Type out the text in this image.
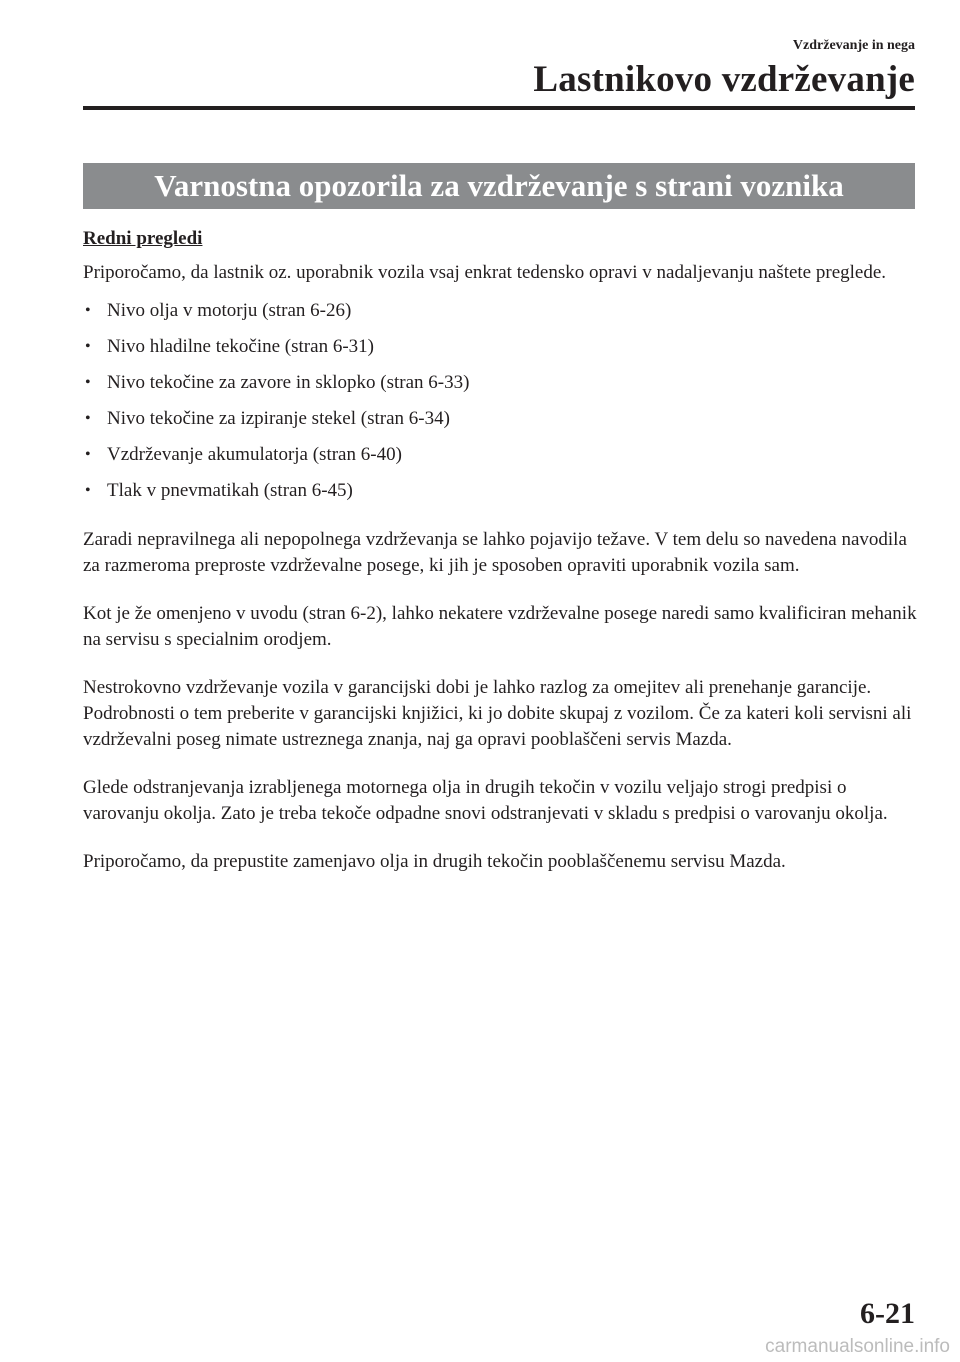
Vzdrževanje in nega
Lastnikovo vzdrževanje
Varnostna opozorila za vzdrževanje s strani voznika

Redni pregledi

Priporočamo, da lastnik oz. uporabnik vozila vsaj enkrat tedensko opravi v nadaljevanju naštete preglede.

• Nivo olja v motorju (stran 6-26)
• Nivo hladilne tekočine (stran 6-31)
• Nivo tekočine za zavore in sklopko (stran 6-33)
• Nivo tekočine za izpiranje stekel (stran 6-34)
• Vzdrževanje akumulatorja (stran 6-40)
• Tlak v pnevmatikah (stran 6-45)

Zaradi nepravilnega ali nepopolnega vzdrževanja se lahko pojavijo težave. V tem delu so navedena navodila za razmeroma preproste vzdrževalne posege, ki jih je sposoben opraviti uporabnik vozila sam.

Kot je že omenjeno v uvodu (stran 6-2), lahko nekatere vzdrževalne posege naredi samo kvalificiran mehanik na servisu s specialnim orodjem.

Nestrokovno vzdrževanje vozila v garancijski dobi je lahko razlog za omejitev ali prenehanje garancije. Podrobnosti o tem preberite v garancijski knjižici, ki jo dobite skupaj z vozilom. Če za kateri koli servisni ali vzdrževalni poseg nimate ustreznega znanja, naj ga opravi pooblaščeni servis Mazda.

Glede odstranjevanja izrabljenega motornega olja in drugih tekočin v vozilu veljajo strogi predpisi o varovanju okolja. Zato je treba tekoče odpadne snovi odstranjevati v skladu s predpisi o varovanju okolja.

Priporočamo, da prepustite zamenjavo olja in drugih tekočin pooblaščenemu servisu Mazda.

6-21
carmanualsonline.info
